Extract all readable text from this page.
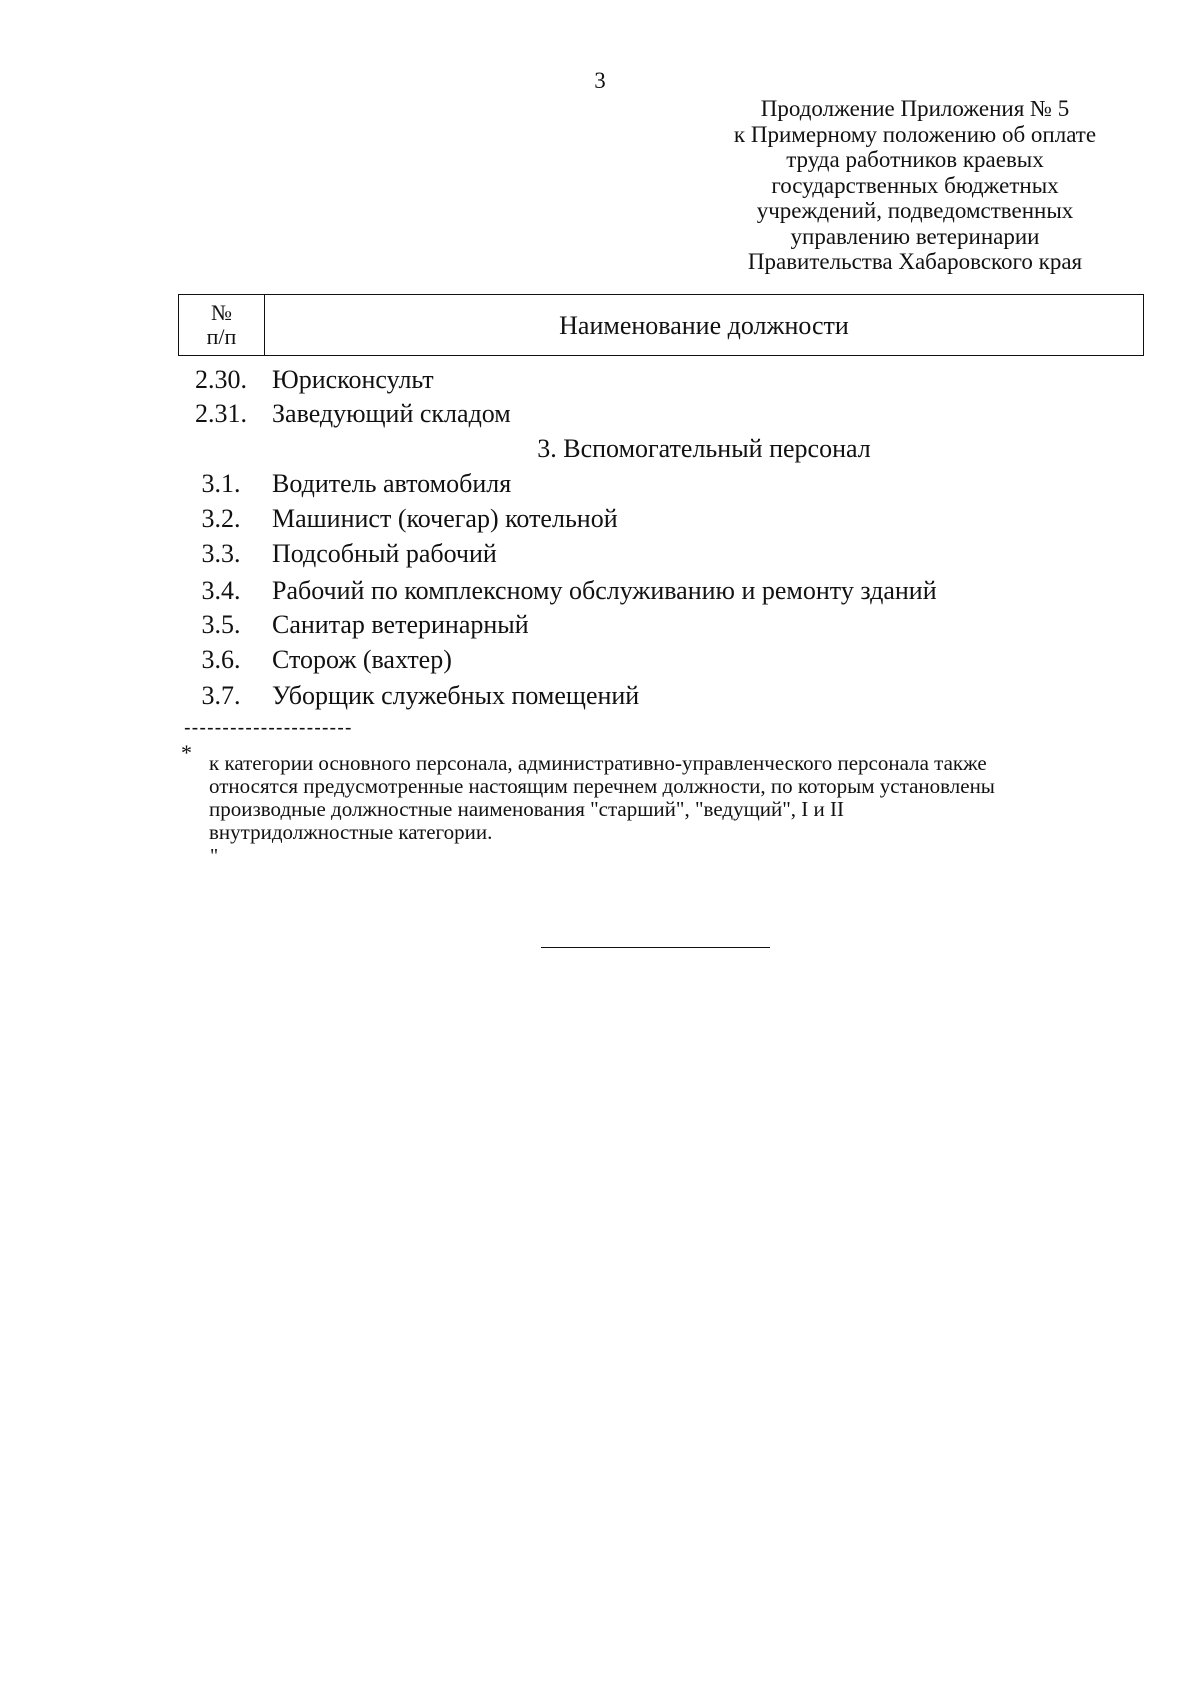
3
Продолжение Приложения № 5
к Примерному положению об оплате
труда работников краевых
государственных бюджетных
учреждений, подведомственных
управлению ветеринарии
Правительства Хабаровского края
№
п/п	Наименование должности
2.30. Юрисконсульт
2.31. Заведующий складом
3. Вспомогательный персонал
3.1.	Водитель автомобиля
3.2.	Машинист (кочегар) котельной
3.3.	Подсобный рабочий
3.4.	Рабочий по комплексному обслуживанию и ремонту зданий
3.5.	Санитар ветеринарный
3.6.	Сторож (вахтер)
3.7.	Уборщик служебных помещений
----------------------
* к категории основного персонала, административно-управленческого персонала также
относятся предусмотренные настоящим перечнем должности, по которым установлены
производные должностные наименования "старший", "ведущий", I и II
внутридолжностные категории.
"
